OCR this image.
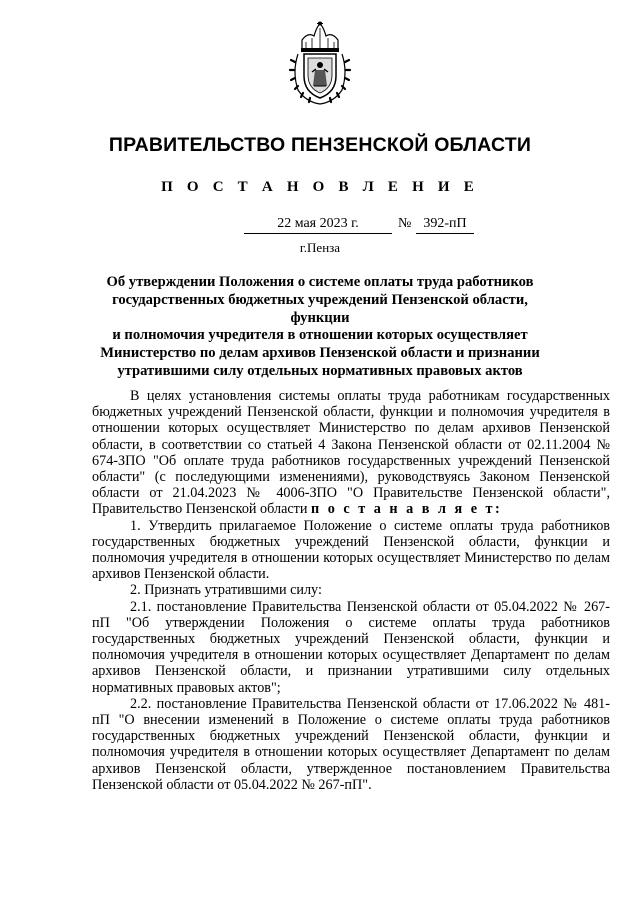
ПРАВИТЕЛЬСТВО ПЕНЗЕНСКОЙ ОБЛАСТИ
П О С Т А Н О В Л Е Н И Е
22 мая 2023 г.	№ 392-пП
г.Пенза
Об утверждении Положения о системе оплаты труда работников
государственных бюджетных учреждений Пензенской области, функции
и полномочия учредителя в отношении которых осуществляет
Министерство по делам архивов Пензенской области и признании
утратившими силу отдельных нормативных правовых актов

В целях установления системы оплаты труда работникам государственных бюджетных учреждений Пензенской области, функции и полномочия учредителя в отношении которых осуществляет Министерство по делам архивов Пензенской области, в соответствии со статьей 4 Закона Пензенской области от 02.11.2004 № 674-ЗПО "Об оплате труда работников государственных учреждений Пензенской области" (с последующими изменениями), руководствуясь Законом Пензенской области от 21.04.2023 № 4006-ЗПО "О Правительстве Пензенской области", Правительство Пензенской области п о с т а н а в л я е т:

1. Утвердить прилагаемое Положение о системе оплаты труда работников государственных бюджетных учреждений Пензенской области, функции и полномочия учредителя в отношении которых осуществляет Министерство по делам архивов Пензенской области.

2. Признать утратившими силу:

2.1. постановление Правительства Пензенской области от 05.04.2022 № 267-пП "Об утверждении Положения о системе оплаты труда работников государственных бюджетных учреждений Пензенской области, функции и полномочия учредителя в отношении которых осуществляет Департамент по делам архивов Пензенской области, и признании утратившими силу отдельных нормативных правовых актов";

2.2. постановление Правительства Пензенской области от 17.06.2022 № 481-пП "О внесении изменений в Положение о системе оплаты труда работников государственных бюджетных учреждений Пензенской области, функции и полномочия учредителя в отношении которых осуществляет Департамент по делам архивов Пензенской области, утвержденное постановлением Правительства Пензенской области от 05.04.2022 № 267-пП".
